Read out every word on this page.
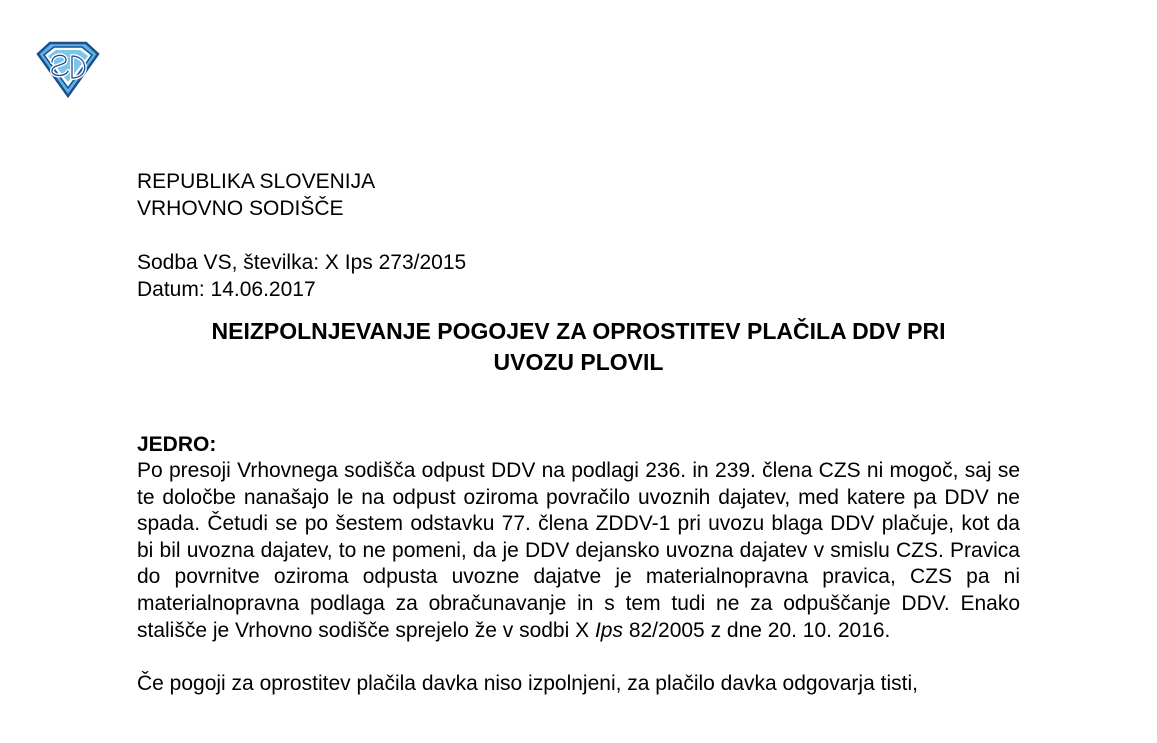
REPUBLIKA SLOVENIJA
VRHOVNO SODIŠČE
Sodba VS, številka: X Ips 273/2015
Datum: 14.06.2017
NEIZPOLNJEVANJE POGOJEV ZA OPROSTITEV PLAČILA DDV PRI
UVOZU PLOVIL
JEDRO:

Po presoji Vrhovnega sodišča odpust DDV na podlagi 236. in 239. člena CZS ni mogoč, saj se te določbe nanašajo le na odpust oziroma povračilo uvoznih dajatev, med katere pa DDV ne spada. Četudi se po šestem odstavku 77. člena ZDDV-1 pri uvozu blaga DDV plačuje, kot da bi bil uvozna dajatev, to ne pomeni, da je DDV dejansko uvozna dajatev v smislu CZS. Pravica do povrnitve oziroma odpusta uvozne dajatve je materialnopravna pravica, CZS pa ni materialnopravna podlaga za obračunavanje in s tem tudi ne za odpuščanje DDV. Enako stališče je Vrhovno sodišče sprejelo že v sodbi X Ips 82/2005 z dne 20. 10. 2016.

Če pogoji za oprostitev plačila davka niso izpolnjeni, za plačilo davka odgovarja tisti,
